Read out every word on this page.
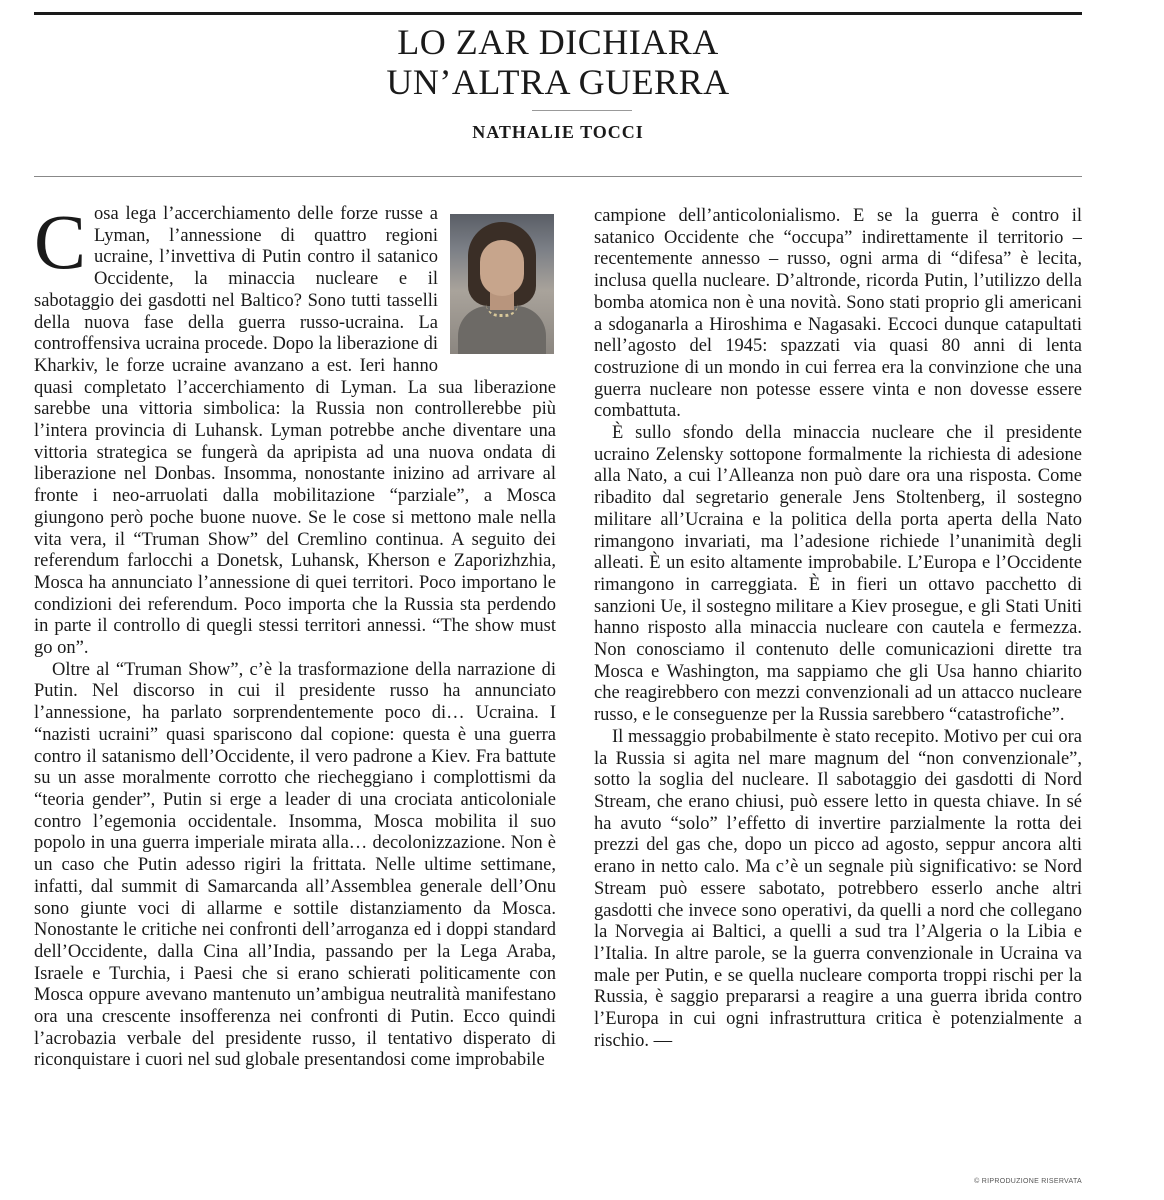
LO ZAR DICHIARA
UN’ALTRA GUERRA
NATHALIE TOCCI

Cosa lega l’accerchiamento delle forze russe a Lyman, l’annessione di quattro regioni ucraine, l’invettiva di Putin contro il satanico Occidente, la minaccia nucleare e il sabotaggio dei gasdotti nel Baltico? Sono tutti tasselli della nuova fase della guerra russo-ucraina. La controffensiva ucraina procede. Dopo la liberazione di Kharkiv, le forze ucraine avanzano a est. Ieri hanno quasi completato l’accerchiamento di Lyman. La sua liberazione sarebbe una vittoria simbolica: la Russia non controllerebbe più l’intera provincia di Luhansk. Lyman potrebbe anche diventare una vittoria strategica se fungerà da apripista ad una nuova ondata di liberazione nel Donbas. Insomma, nonostante inizino ad arrivare al fronte i neo-arruolati dalla mobilitazione “parziale”, a Mosca giungono però poche buone nuove. Se le cose si mettono male nella vita vera, il “Truman Show” del Cremlino continua. A seguito dei referendum farlocchi a Donetsk, Luhansk, Kherson e Zaporizhzhia, Mosca ha annunciato l’annessione di quei territori. Poco importano le condizioni dei referendum. Poco importa che la Russia sta perdendo in parte il controllo di quegli stessi territori annessi. “The show must go on”.

Oltre al “Truman Show”, c’è la trasformazione della narrazione di Putin. Nel discorso in cui il presidente russo ha annunciato l’annessione, ha parlato sorprendentemente poco di… Ucraina. I “nazisti ucraini” quasi spariscono dal copione: questa è una guerra contro il satanismo dell’Occidente, il vero padrone a Kiev. Fra battute su un asse moralmente corrotto che riecheggiano i complottismi da “teoria gender”, Putin si erge a leader di una crociata anticoloniale contro l’egemonia occidentale. Insomma, Mosca mobilita il suo popolo in una guerra imperiale mirata alla… decolonizzazione. Non è un caso che Putin adesso rigiri la frittata. Nelle ultime settimane, infatti, dal summit di Samarcanda all’Assemblea generale dell’Onu sono giunte voci di allarme e sottile distanziamento da Mosca. Nonostante le critiche nei confronti dell’arroganza ed i doppi standard dell’Occidente, dalla Cina all’India, passando per la Lega Araba, Israele e Turchia, i Paesi che si erano schierati politicamente con Mosca oppure avevano mantenuto un’ambigua neutralità manifestano ora una crescente insofferenza nei confronti di Putin. Ecco quindi l’acrobazia verbale del presidente russo, il tentativo disperato di riconquistare i cuori nel sud globale presentandosi come improbabile

campione dell’anticolonialismo. E se la guerra è contro il satanico Occidente che “occupa” indirettamente il territorio – recentemente annesso – russo, ogni arma di “difesa” è lecita, inclusa quella nucleare. D’altronde, ricorda Putin, l’utilizzo della bomba atomica non è una novità. Sono stati proprio gli americani a sdoganarla a Hiroshima e Nagasaki. Eccoci dunque catapultati nell’agosto del 1945: spazzati via quasi 80 anni di lenta costruzione di un mondo in cui ferrea era la convinzione che una guerra nucleare non potesse essere vinta e non dovesse essere combattuta.

È sullo sfondo della minaccia nucleare che il presidente ucraino Zelensky sottopone formalmente la richiesta di adesione alla Nato, a cui l’Alleanza non può dare ora una risposta. Come ribadito dal segretario generale Jens Stoltenberg, il sostegno militare all’Ucraina e la politica della porta aperta della Nato rimangono invariati, ma l’adesione richiede l’unanimità degli alleati. È un esito altamente improbabile. L’Europa e l’Occidente rimangono in carreggiata. È in fieri un ottavo pacchetto di sanzioni Ue, il sostegno militare a Kiev prosegue, e gli Stati Uniti hanno risposto alla minaccia nucleare con cautela e fermezza. Non conosciamo il contenuto delle comunicazioni dirette tra Mosca e Washington, ma sappiamo che gli Usa hanno chiarito che reagirebbero con mezzi convenzionali ad un attacco nucleare russo, e le conseguenze per la Russia sarebbero “catastrofiche”.

Il messaggio probabilmente è stato recepito. Motivo per cui ora la Russia si agita nel mare magnum del “non convenzionale”, sotto la soglia del nucleare. Il sabotaggio dei gasdotti di Nord Stream, che erano chiusi, può essere letto in questa chiave. In sé ha avuto “solo” l’effetto di invertire parzialmente la rotta dei prezzi del gas che, dopo un picco ad agosto, seppur ancora alti erano in netto calo. Ma c’è un segnale più significativo: se Nord Stream può essere sabotato, potrebbero esserlo anche altri gasdotti che invece sono operativi, da quelli a nord che collegano la Norvegia ai Baltici, a quelli a sud tra l’Algeria o la Libia e l’Italia. In altre parole, se la guerra convenzionale in Ucraina va male per Putin, e se quella nucleare comporta troppi rischi per la Russia, è saggio prepararsi a reagire a una guerra ibrida contro l’Europa in cui ogni infrastruttura critica è potenzialmente a rischio. —

© RIPRODUZIONE RISERVATA
